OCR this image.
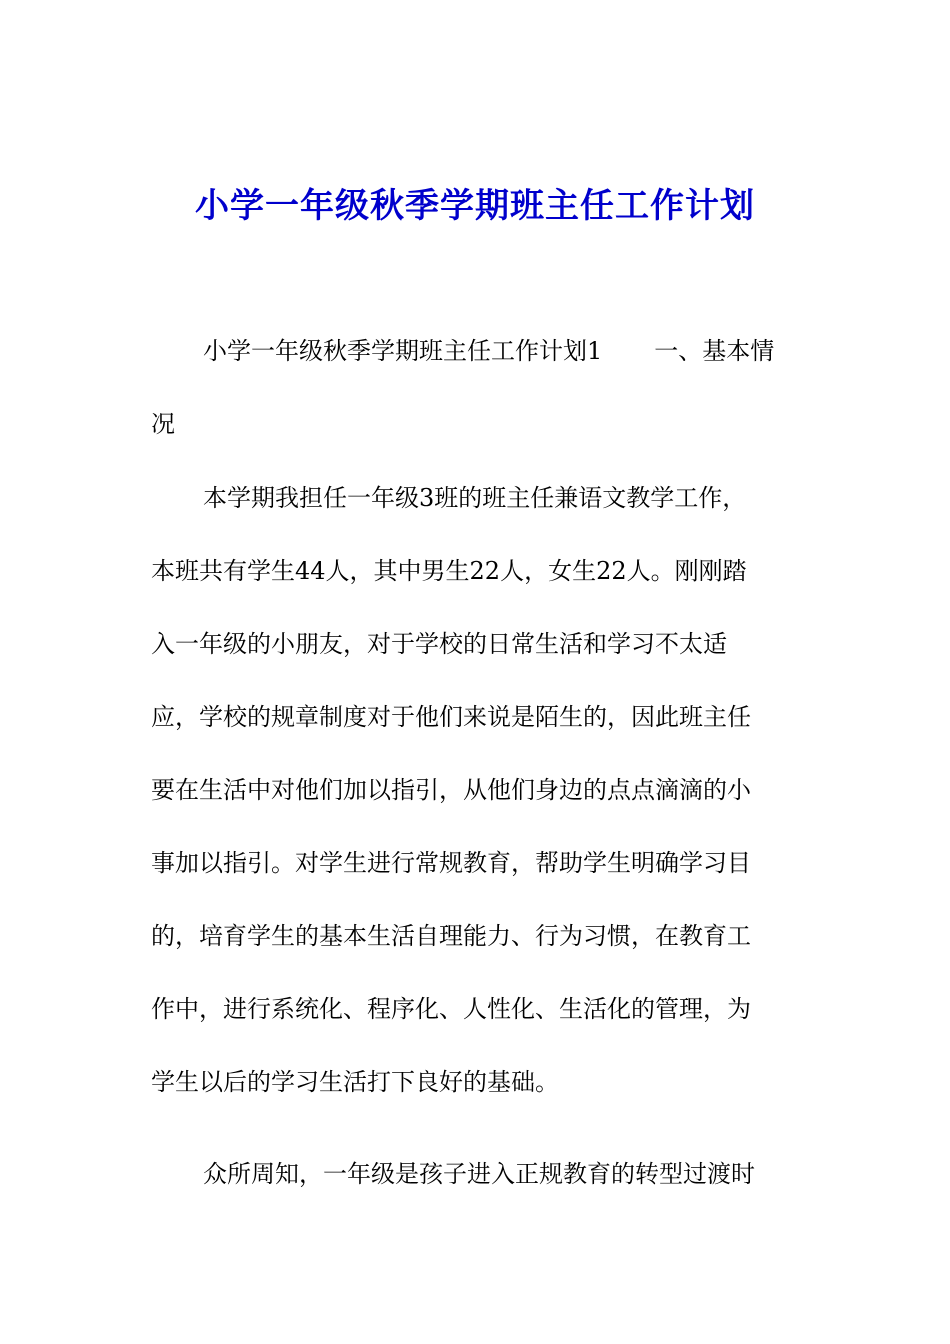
小学一年级秋季学期班主任工作计划
小学一年级秋季学期班主任工作计划1 一、基本情
况
本学期我担任一年级3班的班主任兼语文教学工作，
本班共有学生44人，其中男生22人，女生22人。刚刚踏
入一年级的小朋友，对于学校的日常生活和学习不太适
应，学校的规章制度对于他们来说是陌生的，因此班主任
要在生活中对他们加以指引，从他们身边的点点滴滴的小
事加以指引。对学生进行常规教育，帮助学生明确学习目
的，培育学生的基本生活自理能力、行为习惯，在教育工
作中，进行系统化、程序化、人性化、生活化的管理，为
学生以后的学习生活打下良好的基础。
众所周知，一年级是孩子进入正规教育的转型过渡时
